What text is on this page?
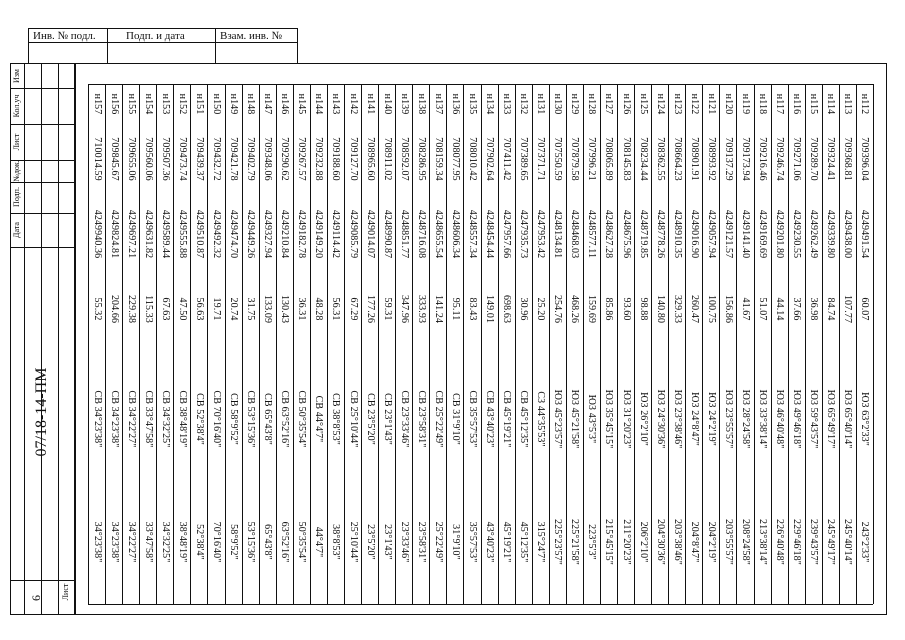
Инв. № подл.	Подп. и дата	Взам. инв. №
Изм
Кол.уч
Лист
№док.
Подп.
Дата
07/18-14-ПМ
Лист
6
н112
709396.04
4249491.54
60.07
ЮЗ 63°2'33"
243°2'33"
н113
709368.81
4249438.00
107.77
ЮЗ 65°40'14"
245°40'14"
н114
709324.41
4249339.80
84.74
ЮЗ 65°49'17"
245°49'17"
н115
709289.70
4249262.49
36.98
ЮЗ 59°43'57"
239°43'57"
н116
709271.06
4249230.55
37.66
ЮЗ 49°46'18"
229°46'18"
н117
709246.74
4249201.80
44.14
ЮЗ 46°40'48"
226°40'48"
н118
709216.46
4249169.69
51.07
ЮЗ 33°38'14"
213°38'14"
н119
709173.94
4249141.40
41.67
ЮЗ 28°24'58"
208°24'58"
н120
709137.29
4249121.57
156.86
ЮЗ 23°55'57"
203°55'57"
н121
708993.92
4249057.94
100.75
ЮЗ 24°2'19"
204°2'19"
н122
708901.91
4249016.90
260.47
ЮЗ 24°8'47"
204°8'47"
н123
708664.23
4248910.35
329.33
ЮЗ 23°38'46"
203°38'46"
н124
708362.55
4248778.26
140.80
ЮЗ 24°30'36"
204°30'36"
н125
708234.44
4248719.85
98.88
ЮЗ 26°2'10"
206°2'10"
н126
708145.83
4248675.96
93.60
ЮЗ 31°20'23"
211°20'23"
н127
708065.89
4248627.28
85.86
ЮЗ 35°45'15"
215°45'15"
н128
707996.21
4248577.11
159.69
ЮЗ 43°5'3"
223°5'3"
н129
707879.58
4248468.03
468.26
ЮЗ 45°21'58"
225°21'58"
н130
707550.59
4248134.81
254.76
ЮЗ 45°23'57"
225°23'57"
н131
707371.71
4247953.42
25.20
СЗ 44°35'53"
315°24'7"
н132
707389.65
4247935.73
30.96
СВ 45°12'35"
45°12'35"
н133
707411.42
4247957.66
698.63
СВ 45°19'21"
45°19'21"
н134
707902.64
4248454.44
149.01
СВ 43°40'23"
43°40'23"
н135
708010.42
4248557.34
83.43
СВ 35°57'53"
35°57'53"
н136
708077.95
4248606.34
95.11
СВ 31°9'10"
31°9'10"
н137
708159.34
4248655.54
141.24
СВ 25°22'49"
25°22'49"
н138
708286.95
4248716.08
333.93
СВ 23°58'31"
23°58'31"
н139
708592.07
4248851.77
347.96
СВ 23°33'46"
23°33'46"
н140
708911.02
4248990.87
59.31
СВ 23°1'43"
23°1'43"
н141
708965.60
4249014.07
177.26
СВ 23°5'20"
23°5'20"
н142
709127.70
4249085.79
67.29
СВ 25°10'44"
25°10'44"
н143
709188.60
4249114.42
56.31
СВ 38°8'53"
38°8'53"
н144
709232.88
4249149.20
48.28
СВ 44°4'7"
44°4'7"
н145
709267.57
4249182.78
36.31
СВ 50°35'54"
50°35'54"
н146
709290.62
4249210.84
130.43
СВ 63°52'16"
63°52'16"
н147
709348.06
4249327.94
133.09
СВ 65°43'8"
65°43'8"
н148
709402.79
4249449.26
31.75
СВ 53°15'36"
53°15'36"
н149
709421.78
4249474.70
20.74
СВ 58°9'52"
58°9'52"
н150
709432.72
4249492.32
19.71
СВ 70°16'40"
70°16'40"
н151
709439.37
4249510.87
56.63
СВ 52°38'4"
52°38'4"
н152
709473.74
4249555.88
47.50
СВ 38°48'19"
38°48'19"
н153
709507.36
4249589.44
67.63
СВ 34°32'25"
34°32'25"
н154
709560.06
4249631.82
115.33
СВ 33°47'58"
33°47'58"
н155
709655.06
4249697.21
229.38
СВ 34°22'27"
34°22'27"
н156
709845.67
4249824.81
204.66
СВ 34°23'38"
34°23'38"
н157
710014.59
4249940.36
55.32
СВ 34°23'38"
34°23'38"
